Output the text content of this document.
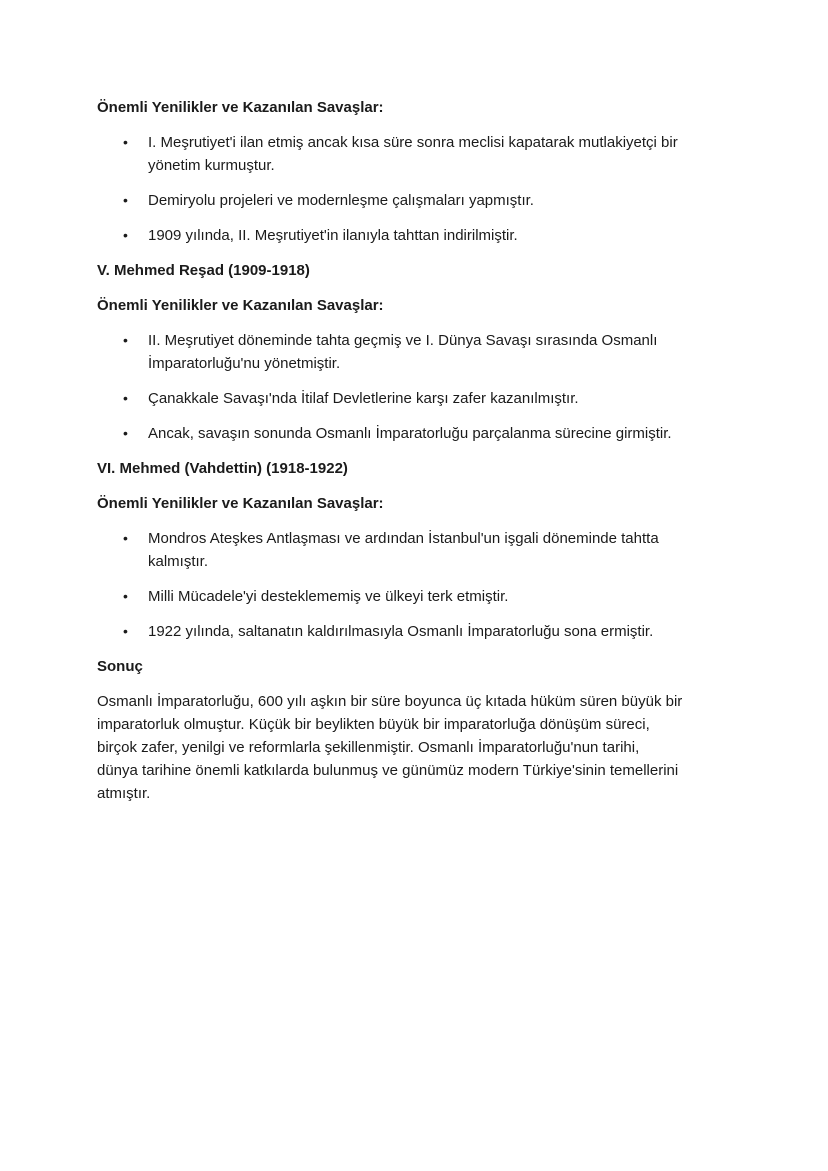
Önemli Yenilikler ve Kazanılan Savaşlar:

• I. Meşrutiyet'i ilan etmiş ancak kısa süre sonra meclisi kapatarak mutlakiyetçi bir
yönetim kurmuştur.
• Demiryolu projeleri ve modernleşme çalışmaları yapmıştır.
• 1909 yılında, II. Meşrutiyet'in ilanıyla tahttan indirilmiştir.

V. Mehmed Reşad (1909-1918)

Önemli Yenilikler ve Kazanılan Savaşlar:

• II. Meşrutiyet döneminde tahta geçmiş ve I. Dünya Savaşı sırasında Osmanlı
İmparatorluğu'nu yönetmiştir.
• Çanakkale Savaşı'nda İtilaf Devletlerine karşı zafer kazanılmıştır.
• Ancak, savaşın sonunda Osmanlı İmparatorluğu parçalanma sürecine girmiştir.

VI. Mehmed (Vahdettin) (1918-1922)

Önemli Yenilikler ve Kazanılan Savaşlar:

• Mondros Ateşkes Antlaşması ve ardından İstanbul'un işgali döneminde tahtta
kalmıştır.
• Milli Mücadele'yi desteklememiş ve ülkeyi terk etmiştir.
• 1922 yılında, saltanatın kaldırılmasıyla Osmanlı İmparatorluğu sona ermiştir.

Sonuç

Osmanlı İmparatorluğu, 600 yılı aşkın bir süre boyunca üç kıtada hüküm süren büyük bir
imparatorluk olmuştur. Küçük bir beylikten büyük bir imparatorluğa dönüşüm süreci,
birçok zafer, yenilgi ve reformlarla şekillenmiştir. Osmanlı İmparatorluğu'nun tarihi,
dünya tarihine önemli katkılarda bulunmuş ve günümüz modern Türkiye'sinin temellerini
atmıştır.
